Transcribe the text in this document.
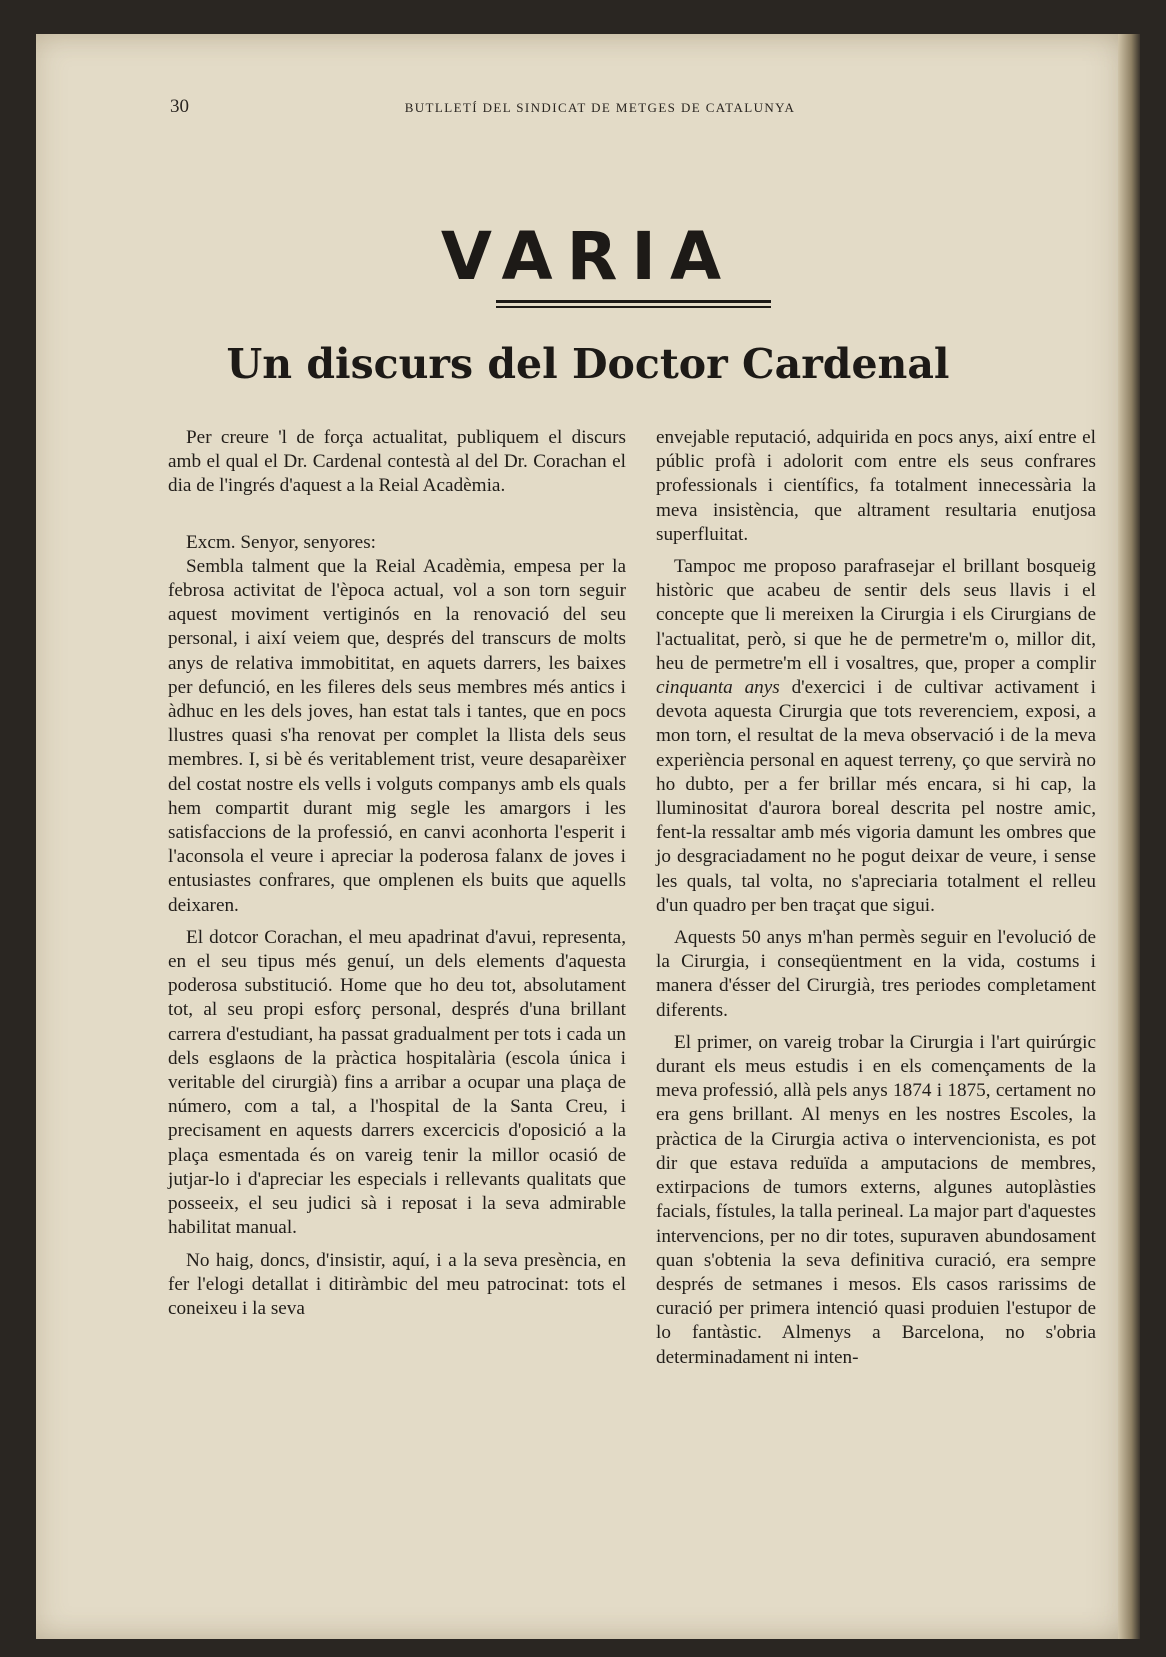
30	BUTLLETÍ DEL SINDICAT DE METGES DE CATALUNYA
VARIA
Un discurs del Doctor Cardenal

Per creure 'l de força actualitat, publiquem el discurs amb el qual el Dr. Cardenal contestà al del Dr. Corachan el dia de l'ingrés d'aquest a la Reial Acadèmia.

Excm. Senyor, senyores:

Sembla talment que la Reial Acadèmia, empesa per la febrosa activitat de l'època actual, vol a son torn seguir aquest moviment vertiginós en la renovació del seu personal, i així veiem que, després del transcurs de molts anys de relativa immobititat, en aquets darrers, les baixes per defunció, en les fileres dels seus membres més antics i àdhuc en les dels joves, han estat tals i tantes, que en pocs llustres quasi s'ha renovat per complet la llista dels seus membres. I, si bè és veritablement trist, veure desaparèixer del costat nostre els vells i volguts companys amb els quals hem compartit durant mig segle les amargors i les satisfaccions de la professió, en canvi aconhorta l'esperit i l'aconsola el veure i apreciar la poderosa falanx de joves i entusiastes confrares, que omplenen els buits que aquells deixaren.

El dotcor Corachan, el meu apadrinat d'avui, representa, en el seu tipus més genuí, un dels elements d'aquesta poderosa substitució. Home que ho deu tot, absolutament tot, al seu propi esforç personal, després d'una brillant carrera d'estudiant, ha passat gradualment per tots i cada un dels esglaons de la pràctica hospitalària (escola única i veritable del cirurgià) fins a arribar a ocupar una plaça de número, com a tal, a l'hospital de la Santa Creu, i precisament en aquests darrers excercicis d'oposició a la plaça esmentada és on vareig tenir la millor ocasió de jutjar-lo i d'apreciar les especials i rellevants qualitats que posseeix, el seu judici sà i reposat i la seva admirable habilitat manual.

No haig, doncs, d'insistir, aquí, i a la seva presència, en fer l'elogi detallat i ditiràmbic del meu patrocinat: tots el coneixeu i la seva

envejable reputació, adquirida en pocs anys, així entre el públic profà i adolorit com entre els seus confrares professionals i científics, fa totalment innecessària la meva insistència, que altrament resultaria enutjosa superfluitat.

Tampoc me proposo parafrasejar el brillant bosqueig històric que acabeu de sentir dels seus llavis i el concepte que li mereixen la Cirurgia i els Cirurgians de l'actualitat, però, si que he de permetre'm o, millor dit, heu de permetre'm ell i vosaltres, que, proper a complir cinquanta anys d'exercici i de cultivar activament i devota aquesta Cirurgia que tots reverenciem, exposi, a mon torn, el resultat de la meva observació i de la meva experiència personal en aquest terreny, ço que servirà no ho dubto, per a fer brillar més encara, si hi cap, la lluminositat d'aurora boreal descrita pel nostre amic, fent-la ressaltar amb més vigoria damunt les ombres que jo desgraciadament no he pogut deixar de veure, i sense les quals, tal volta, no s'apreciaria totalment el relleu d'un quadro per ben traçat que sigui.

Aquests 50 anys m'han permès seguir en l'evolució de la Cirurgia, i conseqüentment en la vida, costums i manera d'ésser del Cirurgià, tres periodes completament diferents.

El primer, on vareig trobar la Cirurgia i l'art quirúrgic durant els meus estudis i en els començaments de la meva professió, allà pels anys 1874 i 1875, certament no era gens brillant. Al menys en les nostres Escoles, la pràctica de la Cirurgia activa o intervencionista, es pot dir que estava reduïda a amputacions de membres, extirpacions de tumors externs, algunes autoplàsties facials, fístules, la talla perineal. La major part d'aquestes intervencions, per no dir totes, supuraven abundosament quan s'obtenia la seva definitiva curació, era sempre després de setmanes i mesos. Els casos rarissims de curació per primera intenció quasi produien l'estupor de lo fantàstic. Almenys a Barcelona, no s'obria determinadament ni inten-
